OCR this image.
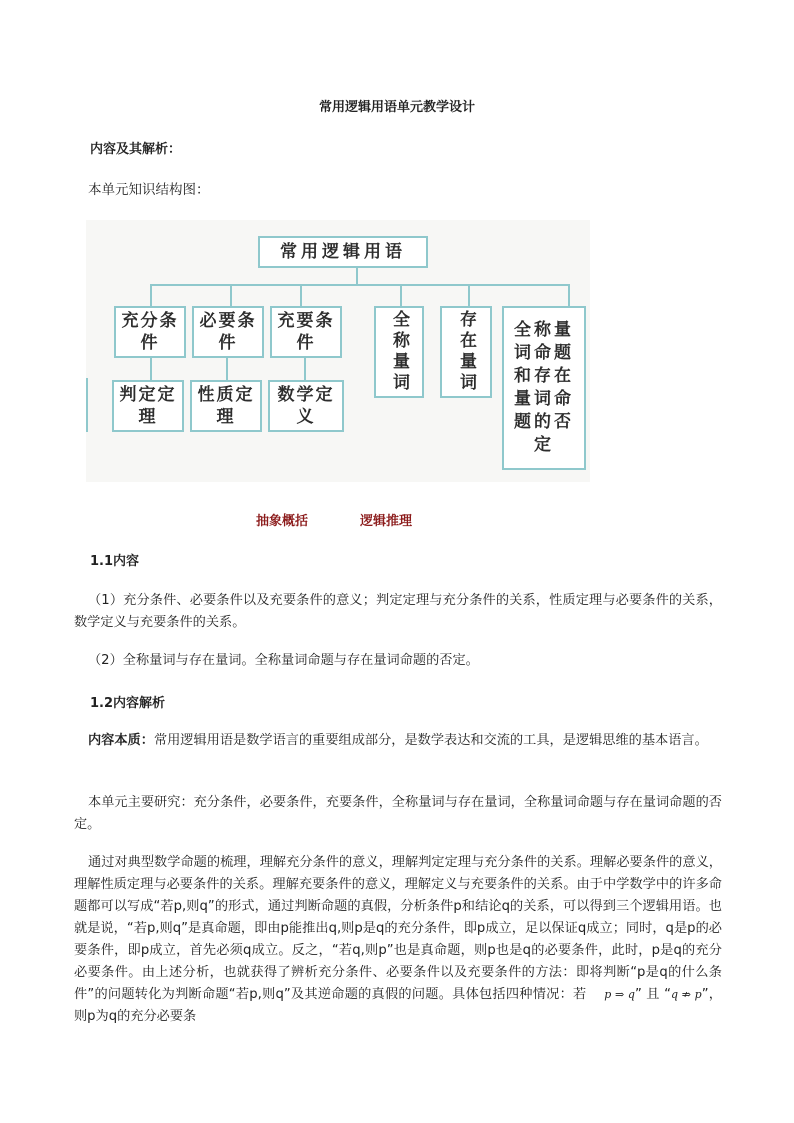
常用逻辑用语单元教学设计
内容及其解析：
本单元知识结构图：
常用逻辑用语
充分条件
必要条件
充要条件
判定定理
性质定理
数学定义
全称量词	存在量词	全称量词命题和存在量词命题的否定
抽象概括	逻辑推理
1.1内容
（1）充分条件、必要条件以及充要条件的意义；判定定理与充分条件的关系，性质定理与必要条件的关系，数学定义与充要条件的关系。
（2）全称量词与存在量词。全称量词命题与存在量词命题的否定。
1.2内容解析
内容本质：常用逻辑用语是数学语言的重要组成部分，是数学表达和交流的工具，是逻辑思维的基本语言。
本单元主要研究：充分条件，必要条件，充要条件，全称量词与存在量词，全称量词命题与存在量词命题的否定。
通过对典型数学命题的梳理，理解充分条件的意义，理解判定定理与充分条件的关系。理解必要条件的意义，理解性质定理与必要条件的关系。理解充要条件的意义，理解定义与充要条件的关系。由于中学数学中的许多命题都可以写成“若p,则q”的形式，通过判断命题的真假，分析条件p和结论q的关系，可以得到三个逻辑用语。也就是说，“若p,则q”是真命题，即由p能推出q,则p是q的充分条件，即p成立，足以保证q成立；同时，q是p的必要条件，即p成立，首先必须q成立。反之，“若q,则p”也是真命题，则p也是q的必要条件，此时，p是q的充分必要条件。由上述分析，也就获得了辨析充分条件、必要条件以及充要条件的方法：即将判断“p是q的什么条件”的问题转化为判断命题“若p,则q”及其逆命题的真假的问题。具体包括四种情况：若 p ⇒ q” 且 “q ⇏ p”，则p为q的充分必要条
